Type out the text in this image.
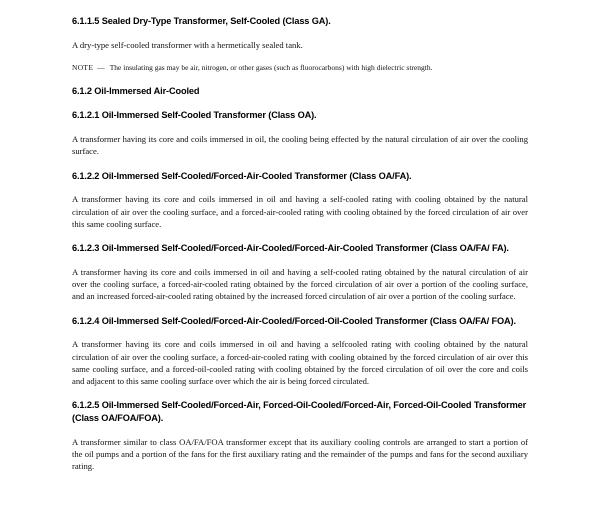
6.1.1.5 Sealed Dry-Type Transformer, Self-Cooled (Class GA).
A dry-type self-cooled transformer with a hermetically sealed tank.
NOTE — The insulating gas may be air, nitrogen, or other gases (such as fluorocarbons) with high dielectric strength.
6.1.2 Oil-Immersed Air-Cooled
6.1.2.1 Oil-Immersed Self-Cooled Transformer (Class OA).
A transformer having its core and coils immersed in oil, the cooling being effected by the natural circulation of air over the cooling surface.
6.1.2.2 Oil-Immersed Self-Cooled/Forced-Air-Cooled Transformer (Class OA/FA).
A transformer having its core and coils immersed in oil and having a self-cooled rating with cooling obtained by the natural circulation of air over the cooling surface, and a forced-air-cooled rating with cooling obtained by the forced circulation of air over this same cooling surface.
6.1.2.3 Oil-Immersed Self-Cooled/Forced-Air-Cooled/Forced-Air-Cooled Transformer (Class OA/FA/ FA).
A transformer having its core and coils immersed in oil and having a self-cooled rating obtained by the natural circulation of air over the cooling surface, a forced-air-cooled rating obtained by the forced circulation of air over a portion of the cooling surface, and an increased forced-air-cooled rating obtained by the increased forced circulation of air over a portion of the cooling surface.
6.1.2.4 Oil-Immersed Self-Cooled/Forced-Air-Cooled/Forced-Oil-Cooled Transformer (Class OA/FA/ FOA).
A transformer having its core and coils immersed in oil and having a selfcooled rating with cooling obtained by the natural circulation of air over the cooling surface, a forced-air-cooled rating with cooling obtained by the forced circulation of air over this same cooling surface, and a forced-oil-cooled rating with cooling obtained by the forced circulation of oil over the core and coils and adjacent to this same cooling surface over which the air is being forced circulated.
6.1.2.5 Oil-Immersed Self-Cooled/Forced-Air, Forced-Oil-Cooled/Forced-Air, Forced-Oil-Cooled Transformer (Class OA/FOA/FOA).
A transformer similar to class OA/FA/FOA transformer except that its auxiliary cooling controls are arranged to start a portion of the oil pumps and a portion of the fans for the first auxiliary rating and the remainder of the pumps and fans for the second auxiliary rating.
